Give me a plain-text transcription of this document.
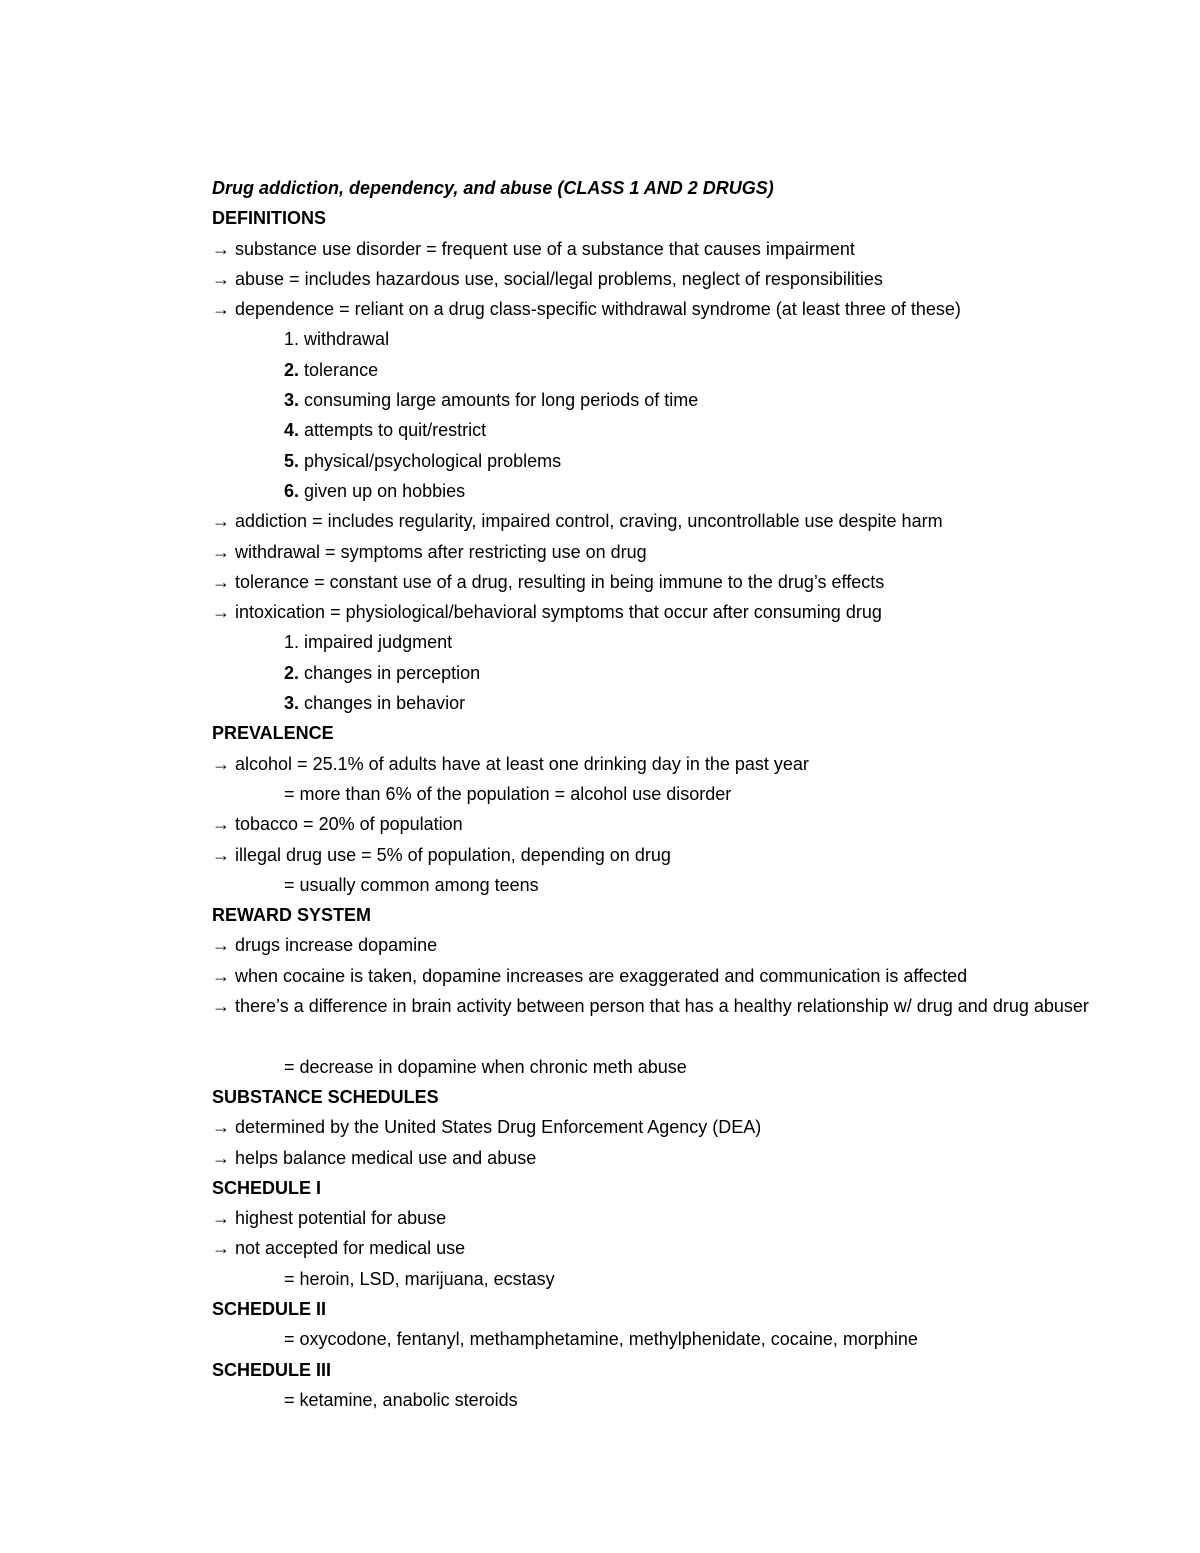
Drug addiction, dependency, and abuse (CLASS 1 AND 2 DRUGS)
DEFINITIONS
→ substance use disorder = frequent use of a substance that causes impairment
→ abuse = includes hazardous use, social/legal problems, neglect of responsibilities
→ dependence = reliant on a drug class-specific withdrawal syndrome (at least three of these)
1. withdrawal
2. tolerance
3. consuming large amounts for long periods of time
4. attempts to quit/restrict
5. physical/psychological problems
6. given up on hobbies
→ addiction = includes regularity, impaired control, craving, uncontrollable use despite harm
→ withdrawal = symptoms after restricting use on drug
→ tolerance = constant use of a drug, resulting in being immune to the drug’s effects
→ intoxication = physiological/behavioral symptoms that occur after consuming drug
1. impaired judgment
2. changes in perception
3. changes in behavior
PREVALENCE
→ alcohol = 25.1% of adults have at least one drinking day in the past year
= more than 6% of the population = alcohol use disorder
→ tobacco = 20% of population
→ illegal drug use = 5% of population, depending on drug
= usually common among teens
REWARD SYSTEM
→ drugs increase dopamine
→ when cocaine is taken, dopamine increases are exaggerated and communication is affected
→ there’s a difference in brain activity between person that has a healthy relationship w/ drug and drug abuser
= decrease in dopamine when chronic meth abuse
SUBSTANCE SCHEDULES
→ determined by the United States Drug Enforcement Agency (DEA)
→ helps balance medical use and abuse
SCHEDULE I
→ highest potential for abuse
→ not accepted for medical use
= heroin, LSD, marijuana, ecstasy
SCHEDULE II
= oxycodone, fentanyl, methamphetamine, methylphenidate, cocaine, morphine
SCHEDULE III
= ketamine, anabolic steroids
